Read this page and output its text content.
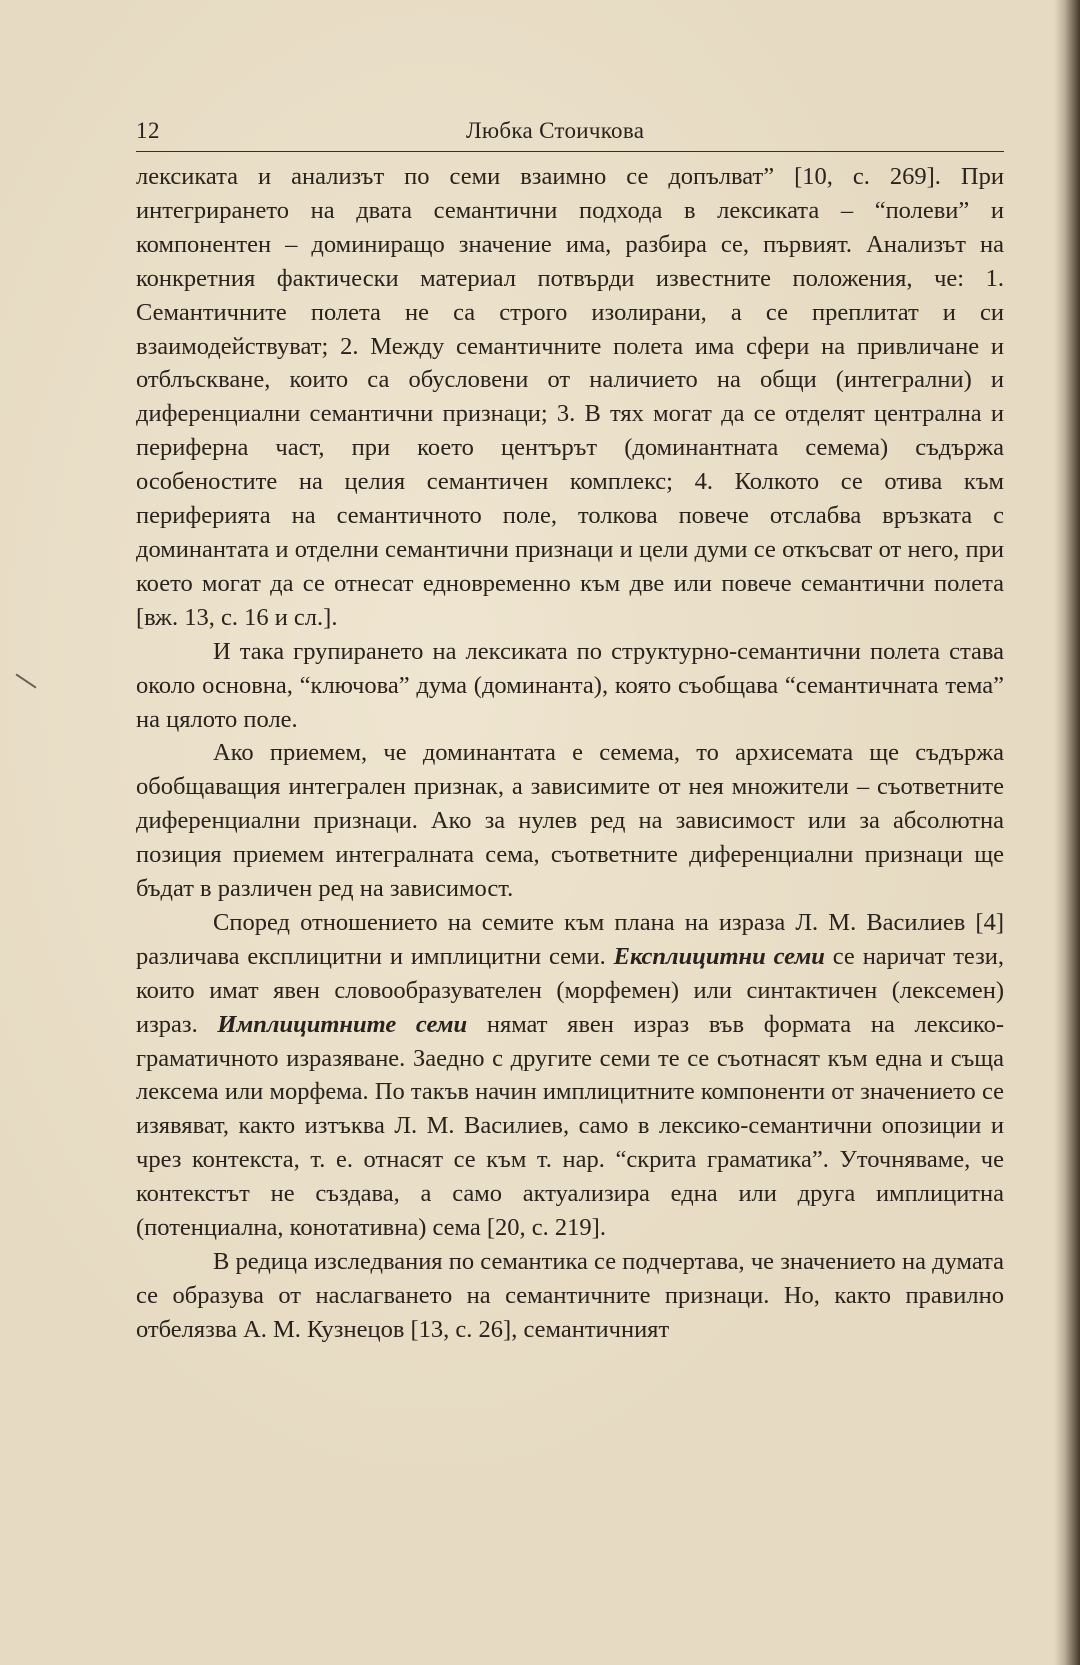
12	Любка Стоичкова

лексиката и анализът по семи взаимно се допълват” [10, с. 269]. При интегрирането на двата семантични подхода в лексиката – “полеви” и компонентен – доминиращо значение има, разбира се, първият. Анализът на конкретния фактически материал потвърди известните положения, че: 1. Семантичните полета не са строго изолирани, а се преплитат и си взаимодействуват; 2. Между семантичните полета има сфери на привличане и отблъскване, които са обусловени от наличието на общи (интегрални) и диференциални семантични признаци; 3. В тях могат да се отделят централна и периферна част, при което центърът (доминантната семема) съдържа особеностите на целия семантичен комплекс; 4. Колкото се отива към периферията на семантичното поле, толкова повече отслабва връзката с доминантата и отделни семантични признаци и цели думи се откъсват от него, при което могат да се отнесат едновременно към две или повече семантични полета [вж. 13, с. 16 и сл.].

И така групирането на лексиката по структурно-семантични полета става около основна, “ключова” дума (доминанта), която съобщава “семантичната тема” на цялото поле.

Ако приемем, че доминантата е семема, то архисемата ще съдържа обобщаващия интегрален признак, а зависимите от нея множители – съответните диференциални признаци. Ако за нулев ред на зависимост или за абсолютна позиция приемем интегралната сема, съответните диференциални признаци ще бъдат в различен ред на зависимост.

Според отношението на семите към плана на израза Л. М. Василиев [4] различава експлицитни и имплицитни семи. Експлицитни семи се наричат тези, които имат явен словообразувателен (морфемен) или синтактичен (лексемен) израз. Имплицитните семи нямат явен израз във формата на лексико-граматичното изразяване. Заедно с другите семи те се съотнасят към една и съща лексема или морфема. По такъв начин имплицитните компоненти от значението се изявяват, както изтъква Л. М. Василиев, само в лексико-семантични опозиции и чрез контекста, т. е. отнасят се към т. нар. “скрита граматика”. Уточняваме, че контекстът не създава, а само актуализира една или друга имплицитна (потенциална, конотативна) сема [20, с. 219].

В редица изследвания по семантика се подчертава, че значението на думата се образува от наслагването на семантичните признаци. Но, както правилно отбелязва А. М. Кузнецов [13, с. 26], семантичният
